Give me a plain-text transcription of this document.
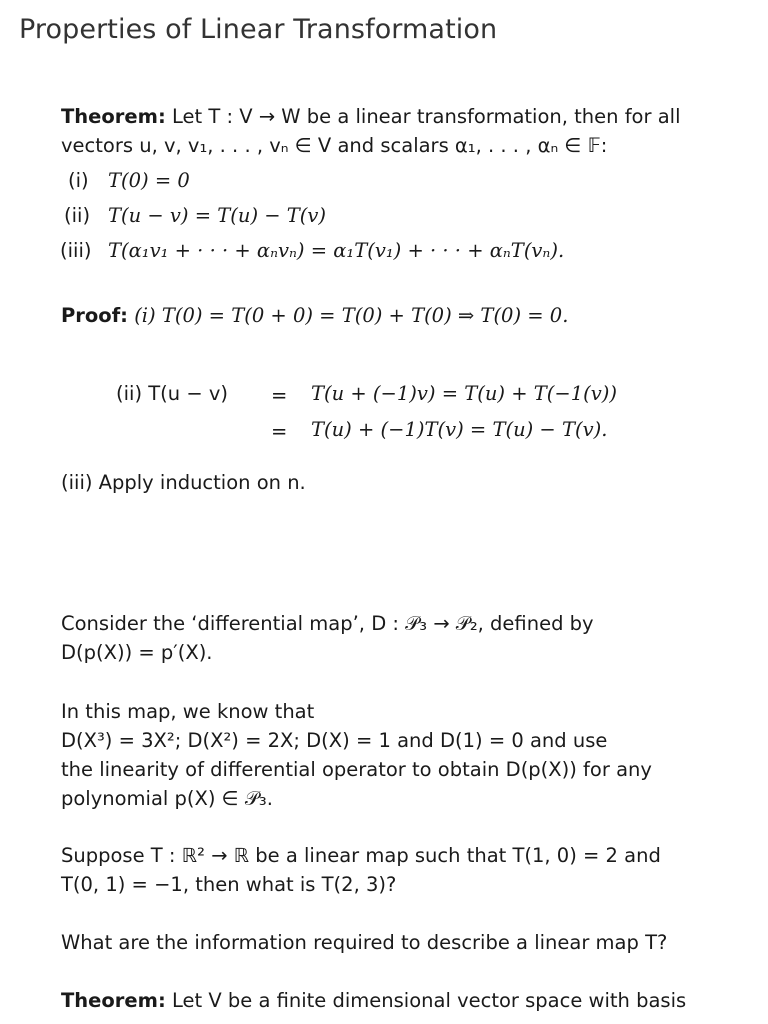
Properties of Linear Transformation
Theorem: Let T : V → W be a linear transformation, then for all
vectors u, v, v₁, . . . , vₙ ∈ V and scalars α₁, . . . , αₙ ∈ 𝔽:
(i) T(0) = 0
(ii) T(u − v) = T(u) − T(v)
(iii) T(α₁v₁ + · · · + αₙvₙ) = α₁T(v₁) + · · · + αₙT(vₙ).
Proof: (i) T(0) = T(0 + 0) = T(0) + T(0) ⇒ T(0) = 0.
(ii) T(u − v) = T(u + (−1)v) = T(u) + T(−1(v))
= T(u) + (−1)T(v) = T(u) − T(v).
(iii) Apply induction on n.
Consider the ‘differential map’, D : 𝒫₃ → 𝒫₂, defined by
D(p(X)) = p′(X).
In this map, we know that
D(X³) = 3X²; D(X²) = 2X; D(X) = 1 and D(1) = 0 and use
the linearity of differential operator to obtain D(p(X)) for any
polynomial p(X) ∈ 𝒫₃.
Suppose T : ℝ² → ℝ be a linear map such that T(1, 0) = 2 and
T(0, 1) = −1, then what is T(2, 3)?
What are the information required to describe a linear map T?
Theorem: Let V be a finite dimensional vector space with basis
